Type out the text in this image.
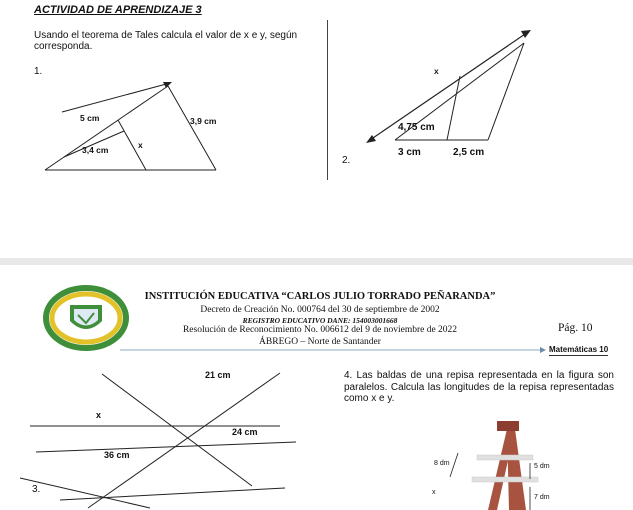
ACTIVIDAD DE APRENDIZAJE 3
Usando el teorema de Tales calcula el valor de x e y, según corresponda.
1.
5 cm	3,9 cm
x
3,4 cm
x
4,75 cm
3 cm	2,5 cm
2.
INSTITUCIÓN EDUCATIVA “CARLOS JULIO TORRADO PEÑARANDA”
Decreto de Creación No. 000764 del 30 de septiembre de 2002
REGISTRO EDUCATIVO DANE: 154003001668
Resolución de Reconocimiento No. 006612 del 9 de noviembre de 2022
ÁBREGO – Norte de Santander
Pág. 10
Matemáticas 10
21 cm
x
24 cm
36 cm
3.
4. Las baldas de una repisa representada en la figura son paralelos. Calcula las longitudes de la repisa representadas como x e y.
8 dm	5 dm
x
7 dm
